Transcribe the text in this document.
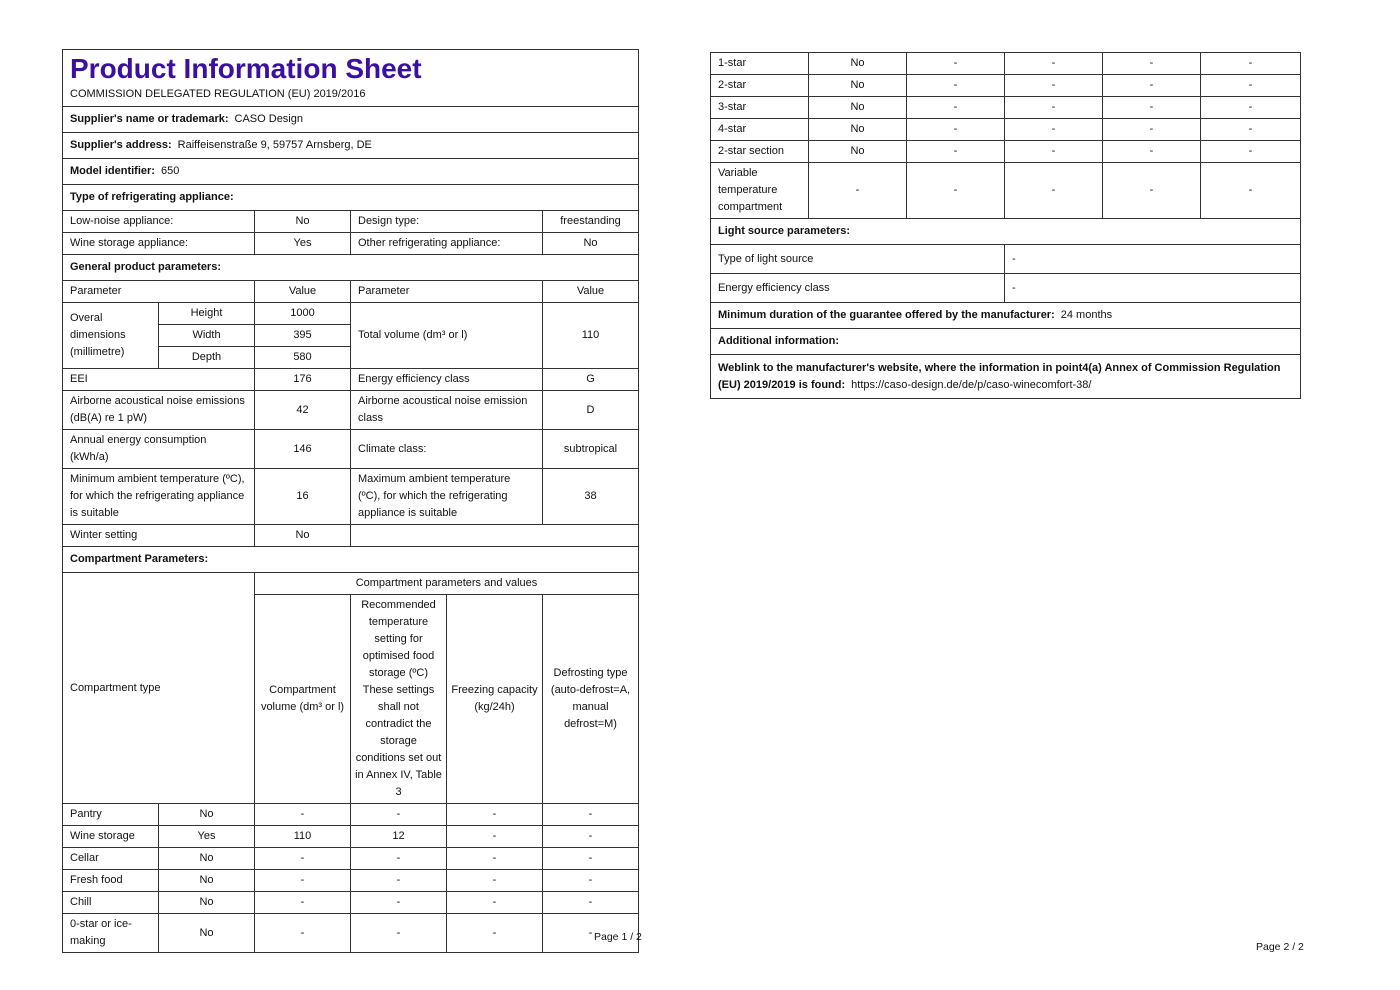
Product Information Sheet
COMMISSION DELEGATED REGULATION (EU) 2019/2016					

Supplier's name or trademark: CASO Design					
Supplier's address: Raiffeisenstraße 9, 59757 Arnsberg, DE					
Model identifier: 650					
Type of refrigerating appliance:					
Low-noise appliance:		No	Design type:		freestanding
Wine storage appliance:		Yes	Other refrigerating appliance:		No
General product parameters:					
Parameter		Value	Parameter		Value
Overal dimensions (millimetre)	Height	1000	Total volume (dm³ or l)		110
	Width	395			
	Depth	580			
EEI		176	Energy efficiency class		G
Airborne acoustical noise emissions (dB(A) re 1 pW)		42	Airborne acoustical noise emission class		D
Annual energy consumption (kWh/a)		146	Climate class:		subtropical
Minimum ambient temperature (ºC), for which the refrigerating appliance is suitable		16	Maximum ambient temperature (ºC), for which the refrigerating appliance is suitable		38
Winter setting		No			
Compartment Parameters:					
Compartment type		Compartment parameters and values			
		Compartment volume (dm³ or l)	Recommended temperature setting for optimised food storage (ºC) These settings shall not contradict the storage conditions set out in Annex IV, Table 3	Freezing capacity (kg/24h)	Defrosting type (auto-defrost=A, manual defrost=M)
Pantry	No	-	-	-	-
Wine storage	Yes	110	12	-	-
Cellar	No	-	-	-	-
Fresh food	No	-	-	-	-
Chill	No	-	-	-	-
0-star or ice-making	No	-	-	-	- Page 1 / 2
1-star	No	-	-	-	-
2-star	No	-	-	-	-
3-star	No	-	-	-	-
4-star	No	-	-	-	-
2-star section	No	-	-	-	-
Variable temperature compartment	-	-	-	-	-
Light source parameters:					
Type of light source			-		
Energy efficiency class			-		
Minimum duration of the guarantee offered by the manufacturer: 24 months					
Additional information:					
Weblink to the manufacturer's website, where the information in point4(a) Annex of Commission Regulation (EU) 2019/2019 is found: https://caso-design.de/de/p/caso-winecomfort-38/					
Page 2 / 2
